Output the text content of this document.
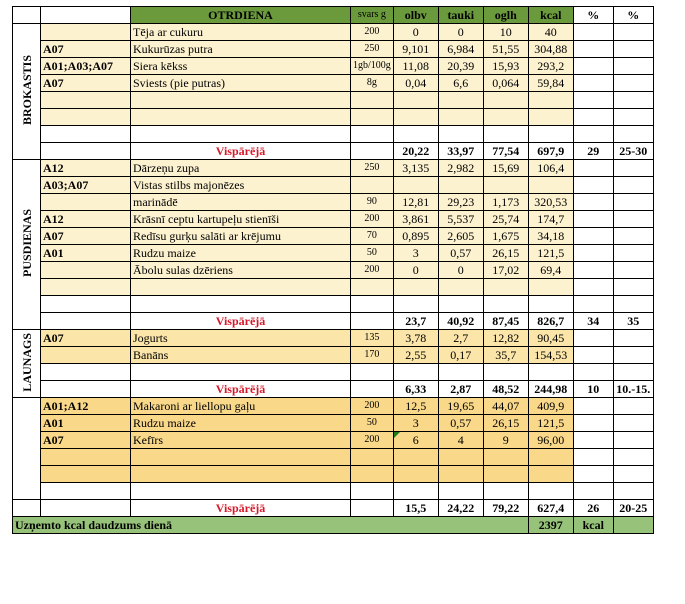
		OTRDIENA	svars g	olbv	tauki	oglh	kcal	%	%
BROKASTIS		Tēja ar cukuru	200	0	0	10	40		
	A07	Kukurūzas putra	250	9,101	6,984	51,55	304,88		
	A01;A03;A07	Siera kēkss	1gb/100g	11,08	20,39	15,93	293,2		
	A07	Sviests (pie putras)	8g	0,04	6,6	0,064	59,84		

		Vispārējā		20,22	33,97	77,54	697,9	29	25-30
PUSDIENAS	A12	Dārzeņu zupa	250	3,135	2,982	15,69	106,4		
	A03;A07	Vistas stilbs majonēzes							
		marinādē	90	12,81	29,23	1,173	320,53		
	A12	Krāsnī ceptu kartupeļu stienīši	200	3,861	5,537	25,74	174,7		
	A07	Redīsu gurķu salāti ar krējumu	70	0,895	2,605	1,675	34,18		
	A01	Rudzu maize	50	3	0,57	26,15	121,5		
		Ābolu sulas dzēriens	200	0	0	17,02	69,4		

		Vispārējā		23,7	40,92	87,45	826,7	34	35
LAUNAGS	A07	Jogurts	135	3,78	2,7	12,82	90,45		
		Banāns	170	2,55	0,17	35,7	154,53		

		Vispārējā		6,33	2,87	48,52	244,98	10	10.-15.
	A01;A12	Makaroni ar liellopu gaļu	200	12,5	19,65	44,07	409,9		
	A01	Rudzu maize	50	3	0,57	26,15	121,5		
	A07	Kefīrs	200	6	4	9	96,00		

		Vispārējā		15,5	24,22	79,22	627,4	26	20-25
Uzņemto kcal daudzums dienā							2397	kcal	
